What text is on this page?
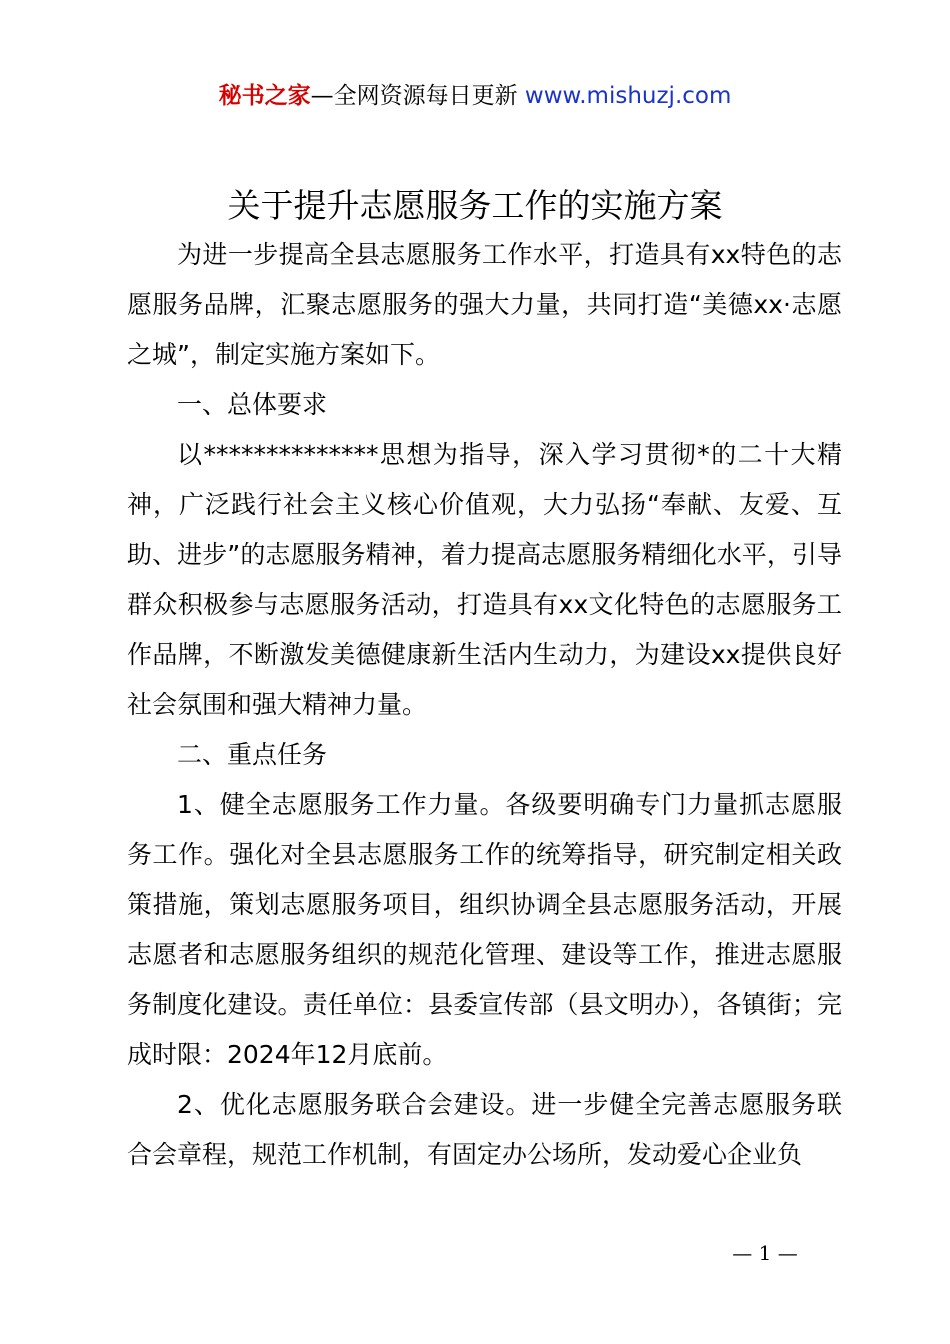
秘书之家—全网资源每日更新 www.mishuzj.com
关于提升志愿服务工作的实施方案

为进一步提高全县志愿服务工作水平，打造具有xx特色的志愿服务品牌，汇聚志愿服务的强大力量，共同打造“美德xx·志愿之城”，制定实施方案如下。

一、总体要求

以**************思想为指导，深入学习贯彻*的二十大精神，广泛践行社会主义核心价值观，大力弘扬“奉献、友爱、互助、进步”的志愿服务精神，着力提高志愿服务精细化水平，引导群众积极参与志愿服务活动，打造具有xx文化特色的志愿服务工作品牌，不断激发美德健康新生活内生动力，为建设xx提供良好社会氛围和强大精神力量。

二、重点任务

1、健全志愿服务工作力量。各级要明确专门力量抓志愿服务工作。强化对全县志愿服务工作的统筹指导，研究制定相关政策措施，策划志愿服务项目，组织协调全县志愿服务活动，开展志愿者和志愿服务组织的规范化管理、建设等工作，推进志愿服务制度化建设。责任单位：县委宣传部（县文明办），各镇街；完成时限：2024年12月底前。

2、优化志愿服务联合会建设。进一步健全完善志愿服务联合会章程，规范工作机制，有固定办公场所，发动爱心企业负

— 1 —
